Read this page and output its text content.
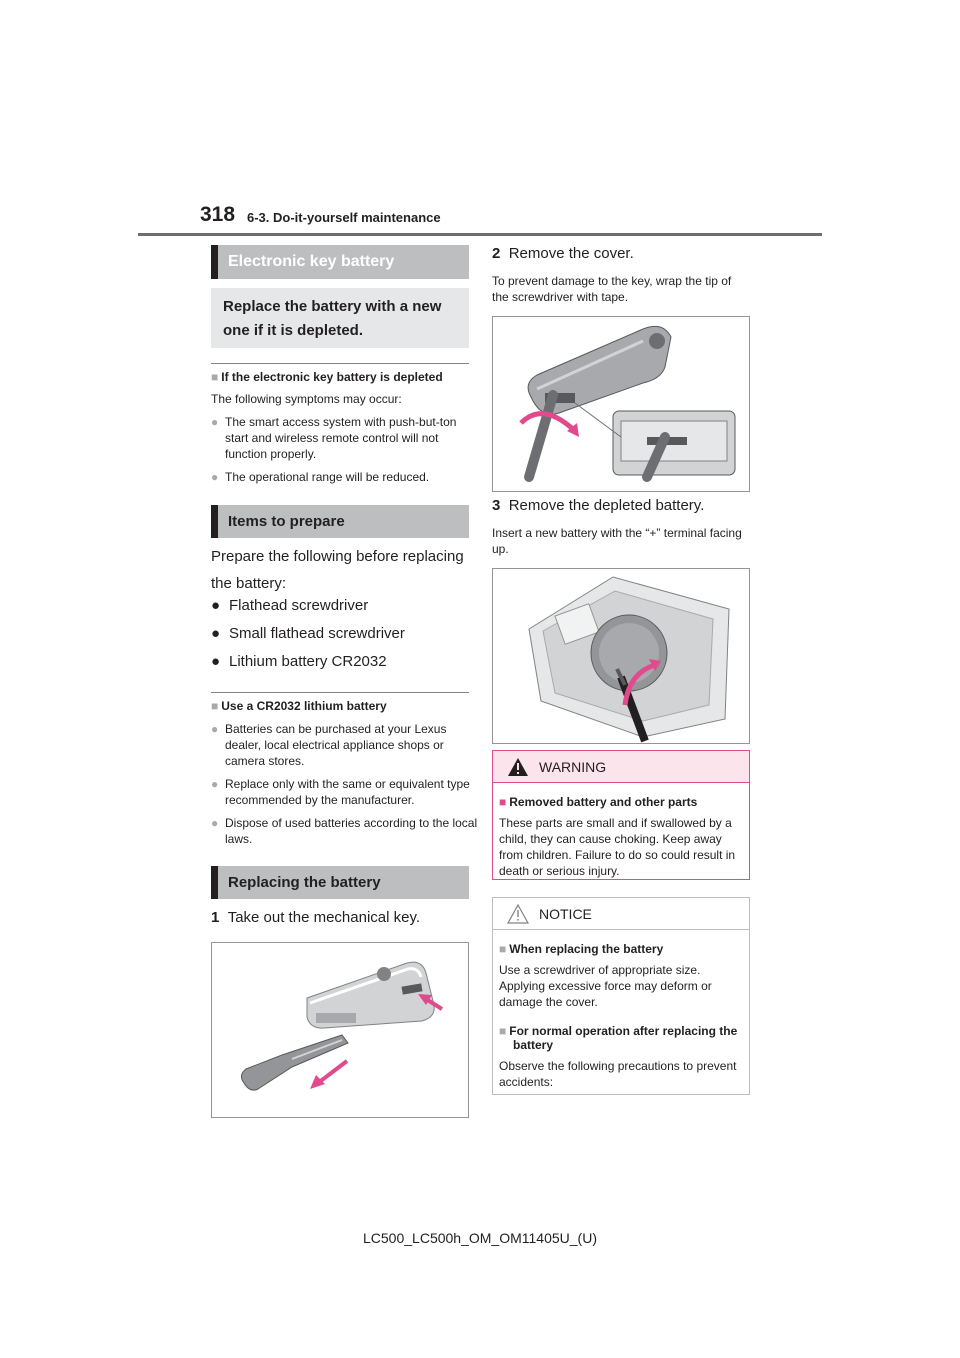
318 6-3. Do-it-yourself maintenance
Electronic key battery
Replace the battery with a new one if it is depleted.
■ If the electronic key battery is depleted
The following symptoms may occur:
● The smart access system with push-but-ton start and wireless remote control will not function properly.
● The operational range will be reduced.
Items to prepare
Prepare the following before replacing the battery:
● Flathead screwdriver
● Small flathead screwdriver
● Lithium battery CR2032
■ Use a CR2032 lithium battery
● Batteries can be purchased at your Lexus dealer, local electrical appliance shops or camera stores.
● Replace only with the same or equivalent type recommended by the manufacturer.
● Dispose of used batteries according to the local laws.
Replacing the battery
1 Take out the mechanical key.
2 Remove the cover.
To prevent damage to the key, wrap the tip of the screwdriver with tape.
3 Remove the depleted battery.
Insert a new battery with the “+” terminal facing up.
WARNING
■ Removed battery and other parts
These parts are small and if swallowed by a child, they can cause choking. Keep away from children. Failure to do so could result in death or serious injury.
NOTICE
■ When replacing the battery
Use a screwdriver of appropriate size. Applying excessive force may deform or damage the cover.
■ For normal operation after replacing the battery
Observe the following precautions to prevent accidents:
LC500_LC500h_OM_OM11405U_(U)
